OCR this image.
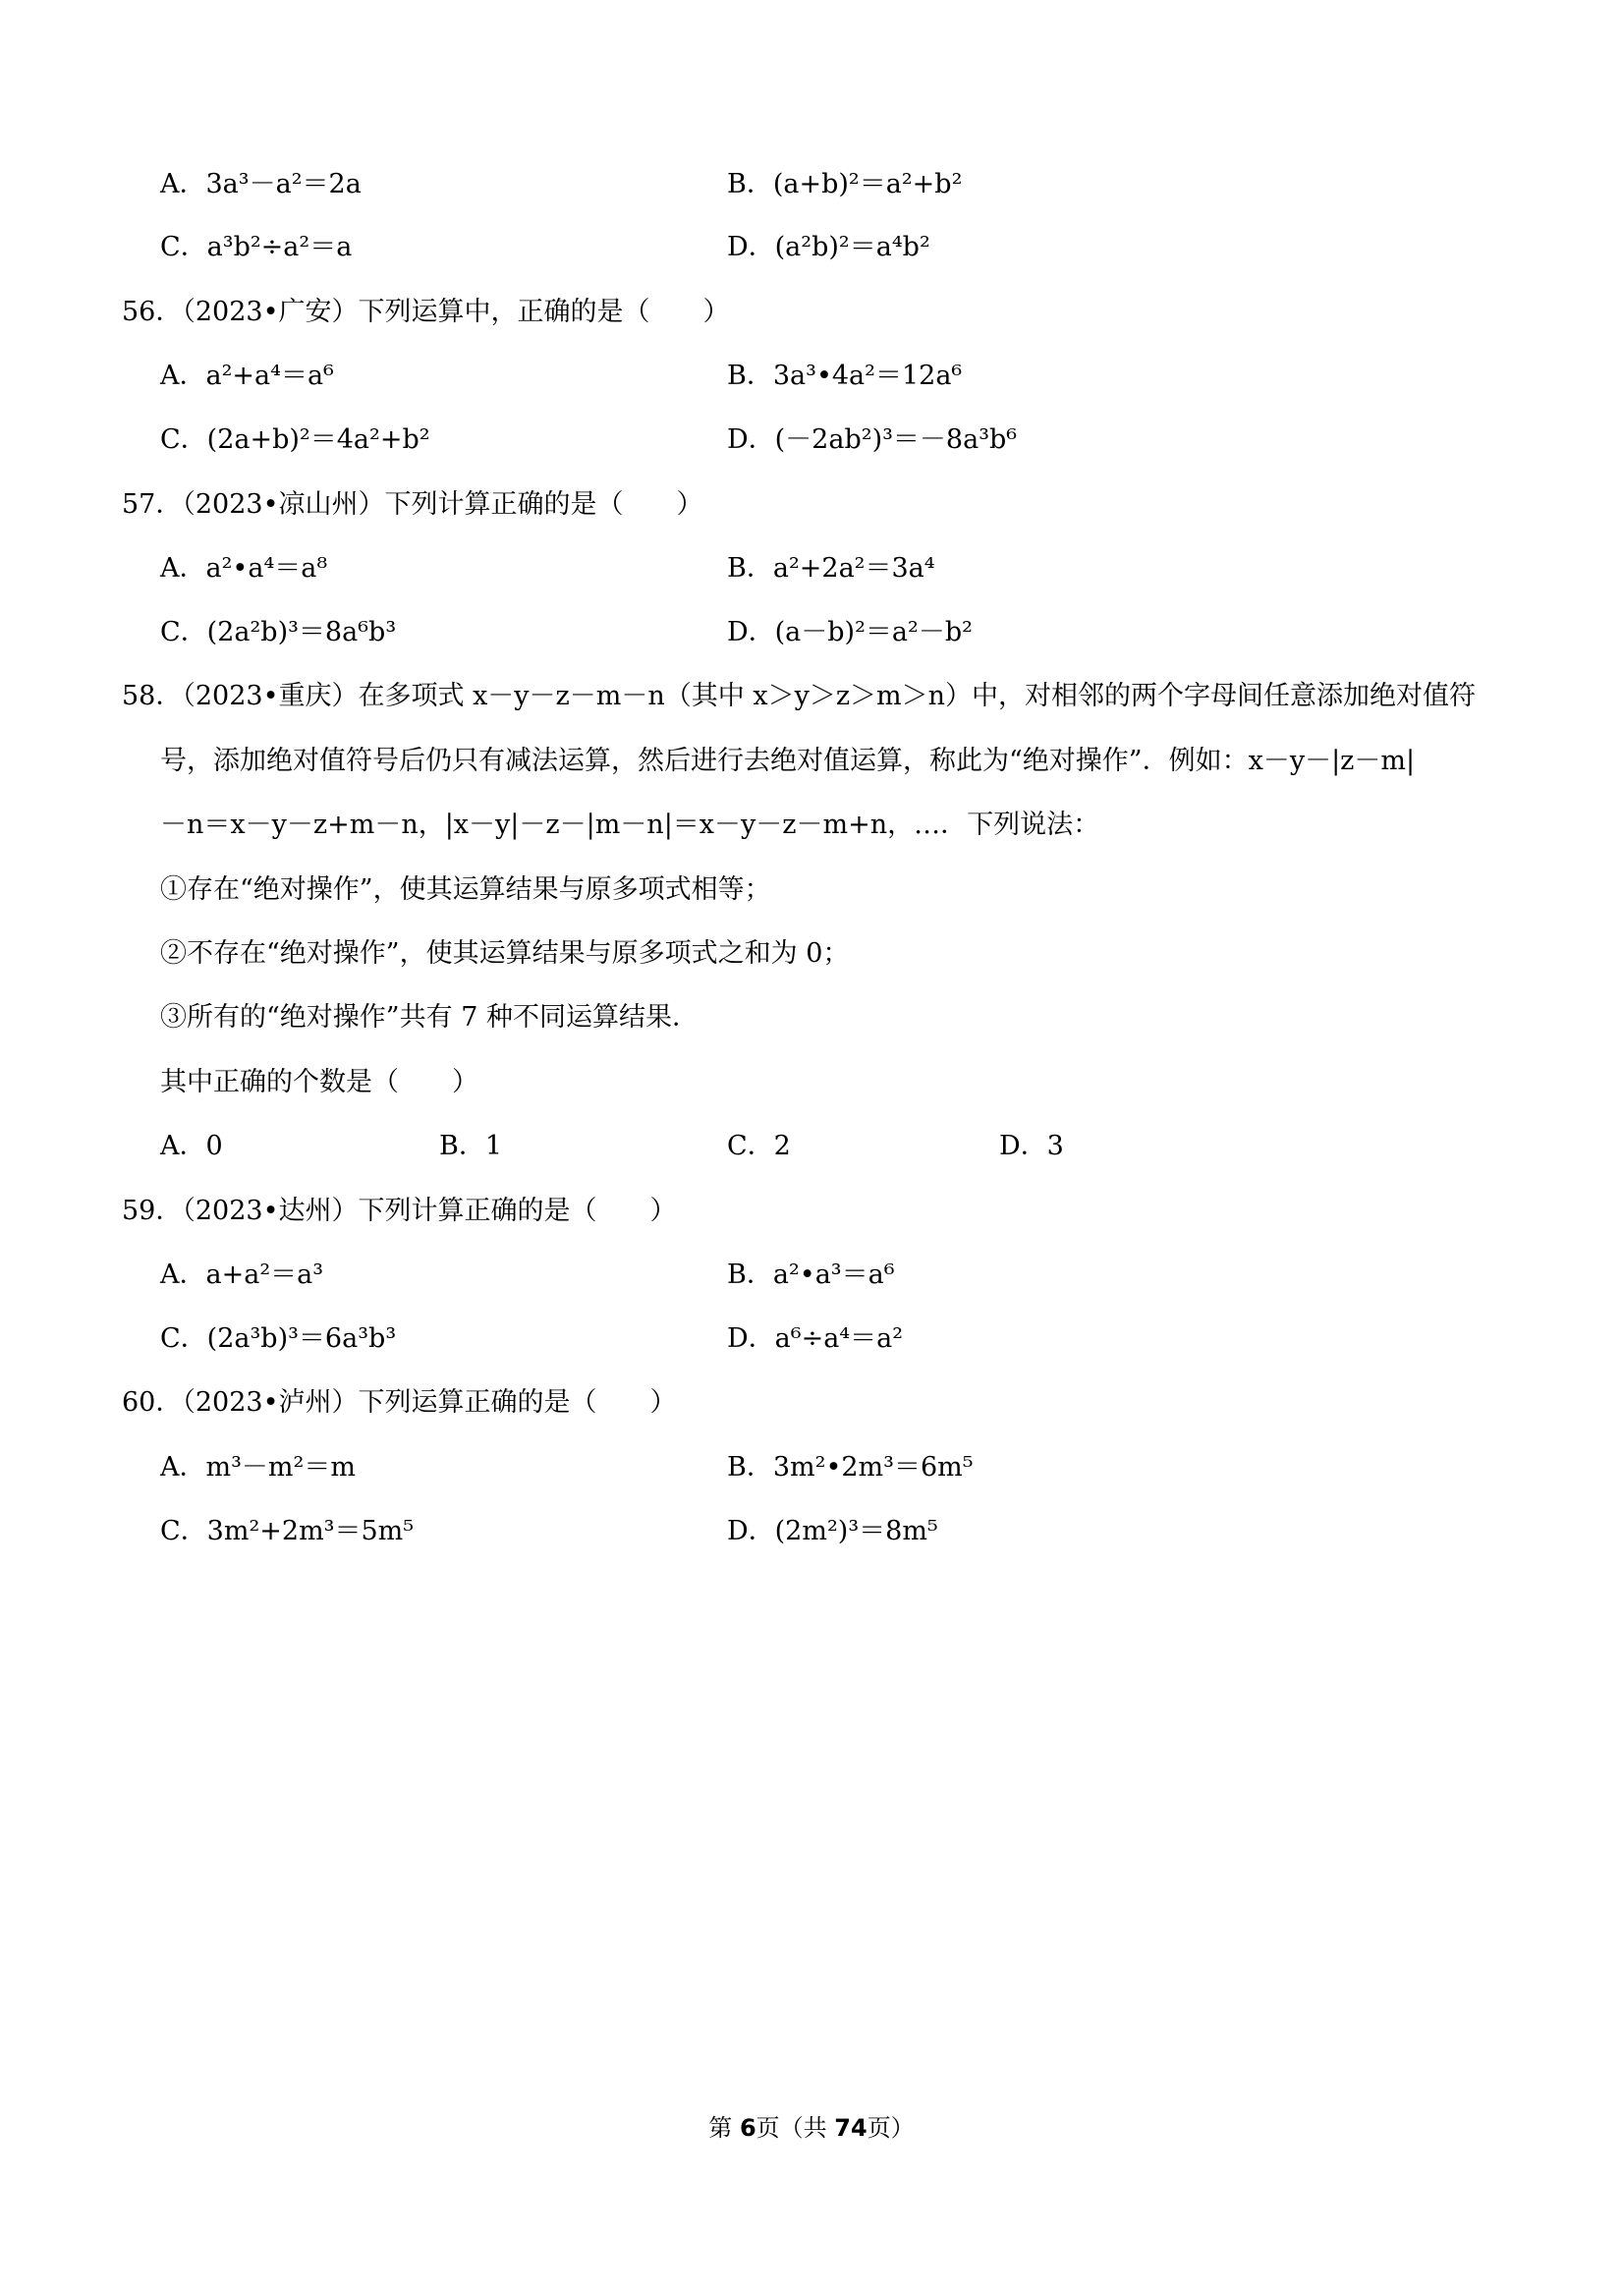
A．3a³－a²＝2a	B．(a+b)²＝a²+b²
C．a³b²÷a²＝a	D．(a²b)²＝a⁴b²
56．（2023•广安）下列运算中，正确的是（　　）
A．a²+a⁴＝a⁶	B．3a³•4a²＝12a⁶
C．(2a+b)²＝4a²+b²	D．(－2ab²)³＝－8a³b⁶
57．（2023•凉山州）下列计算正确的是（　　）
A．a²•a⁴＝a⁸	B．a²+2a²＝3a⁴
C．(2a²b)³＝8a⁶b³	D．(a－b)²＝a²－b²
58．（2023•重庆）在多项式 x－y－z－m－n（其中 x＞y＞z＞m＞n）中，对相邻的两个字母间任意添加绝对值符
号，添加绝对值符号后仍只有减法运算，然后进行去绝对值运算，称此为“绝对操作”．例如：x－y－|z－m|
－n＝x－y－z+m－n，|x－y|－z－|m－n|＝x－y－z－m+n，…．下列说法：
①存在“绝对操作”，使其运算结果与原多项式相等；
②不存在“绝对操作”，使其运算结果与原多项式之和为 0；
③所有的“绝对操作”共有 7 种不同运算结果．
其中正确的个数是（　　）
A．0	B．1	C．2	D．3
59．（2023•达州）下列计算正确的是（　　）
A．a+a²＝a³	B．a²•a³＝a⁶
C．(2a³b)³＝6a³b³	D．a⁶÷a⁴＝a²
60．（2023•泸州）下列运算正确的是（　　）
A．m³－m²＝m	B．3m²•2m³＝6m⁵
C．3m²+2m³＝5m⁵	D．(2m²)³＝8m⁵
第 6页（共 74页）
